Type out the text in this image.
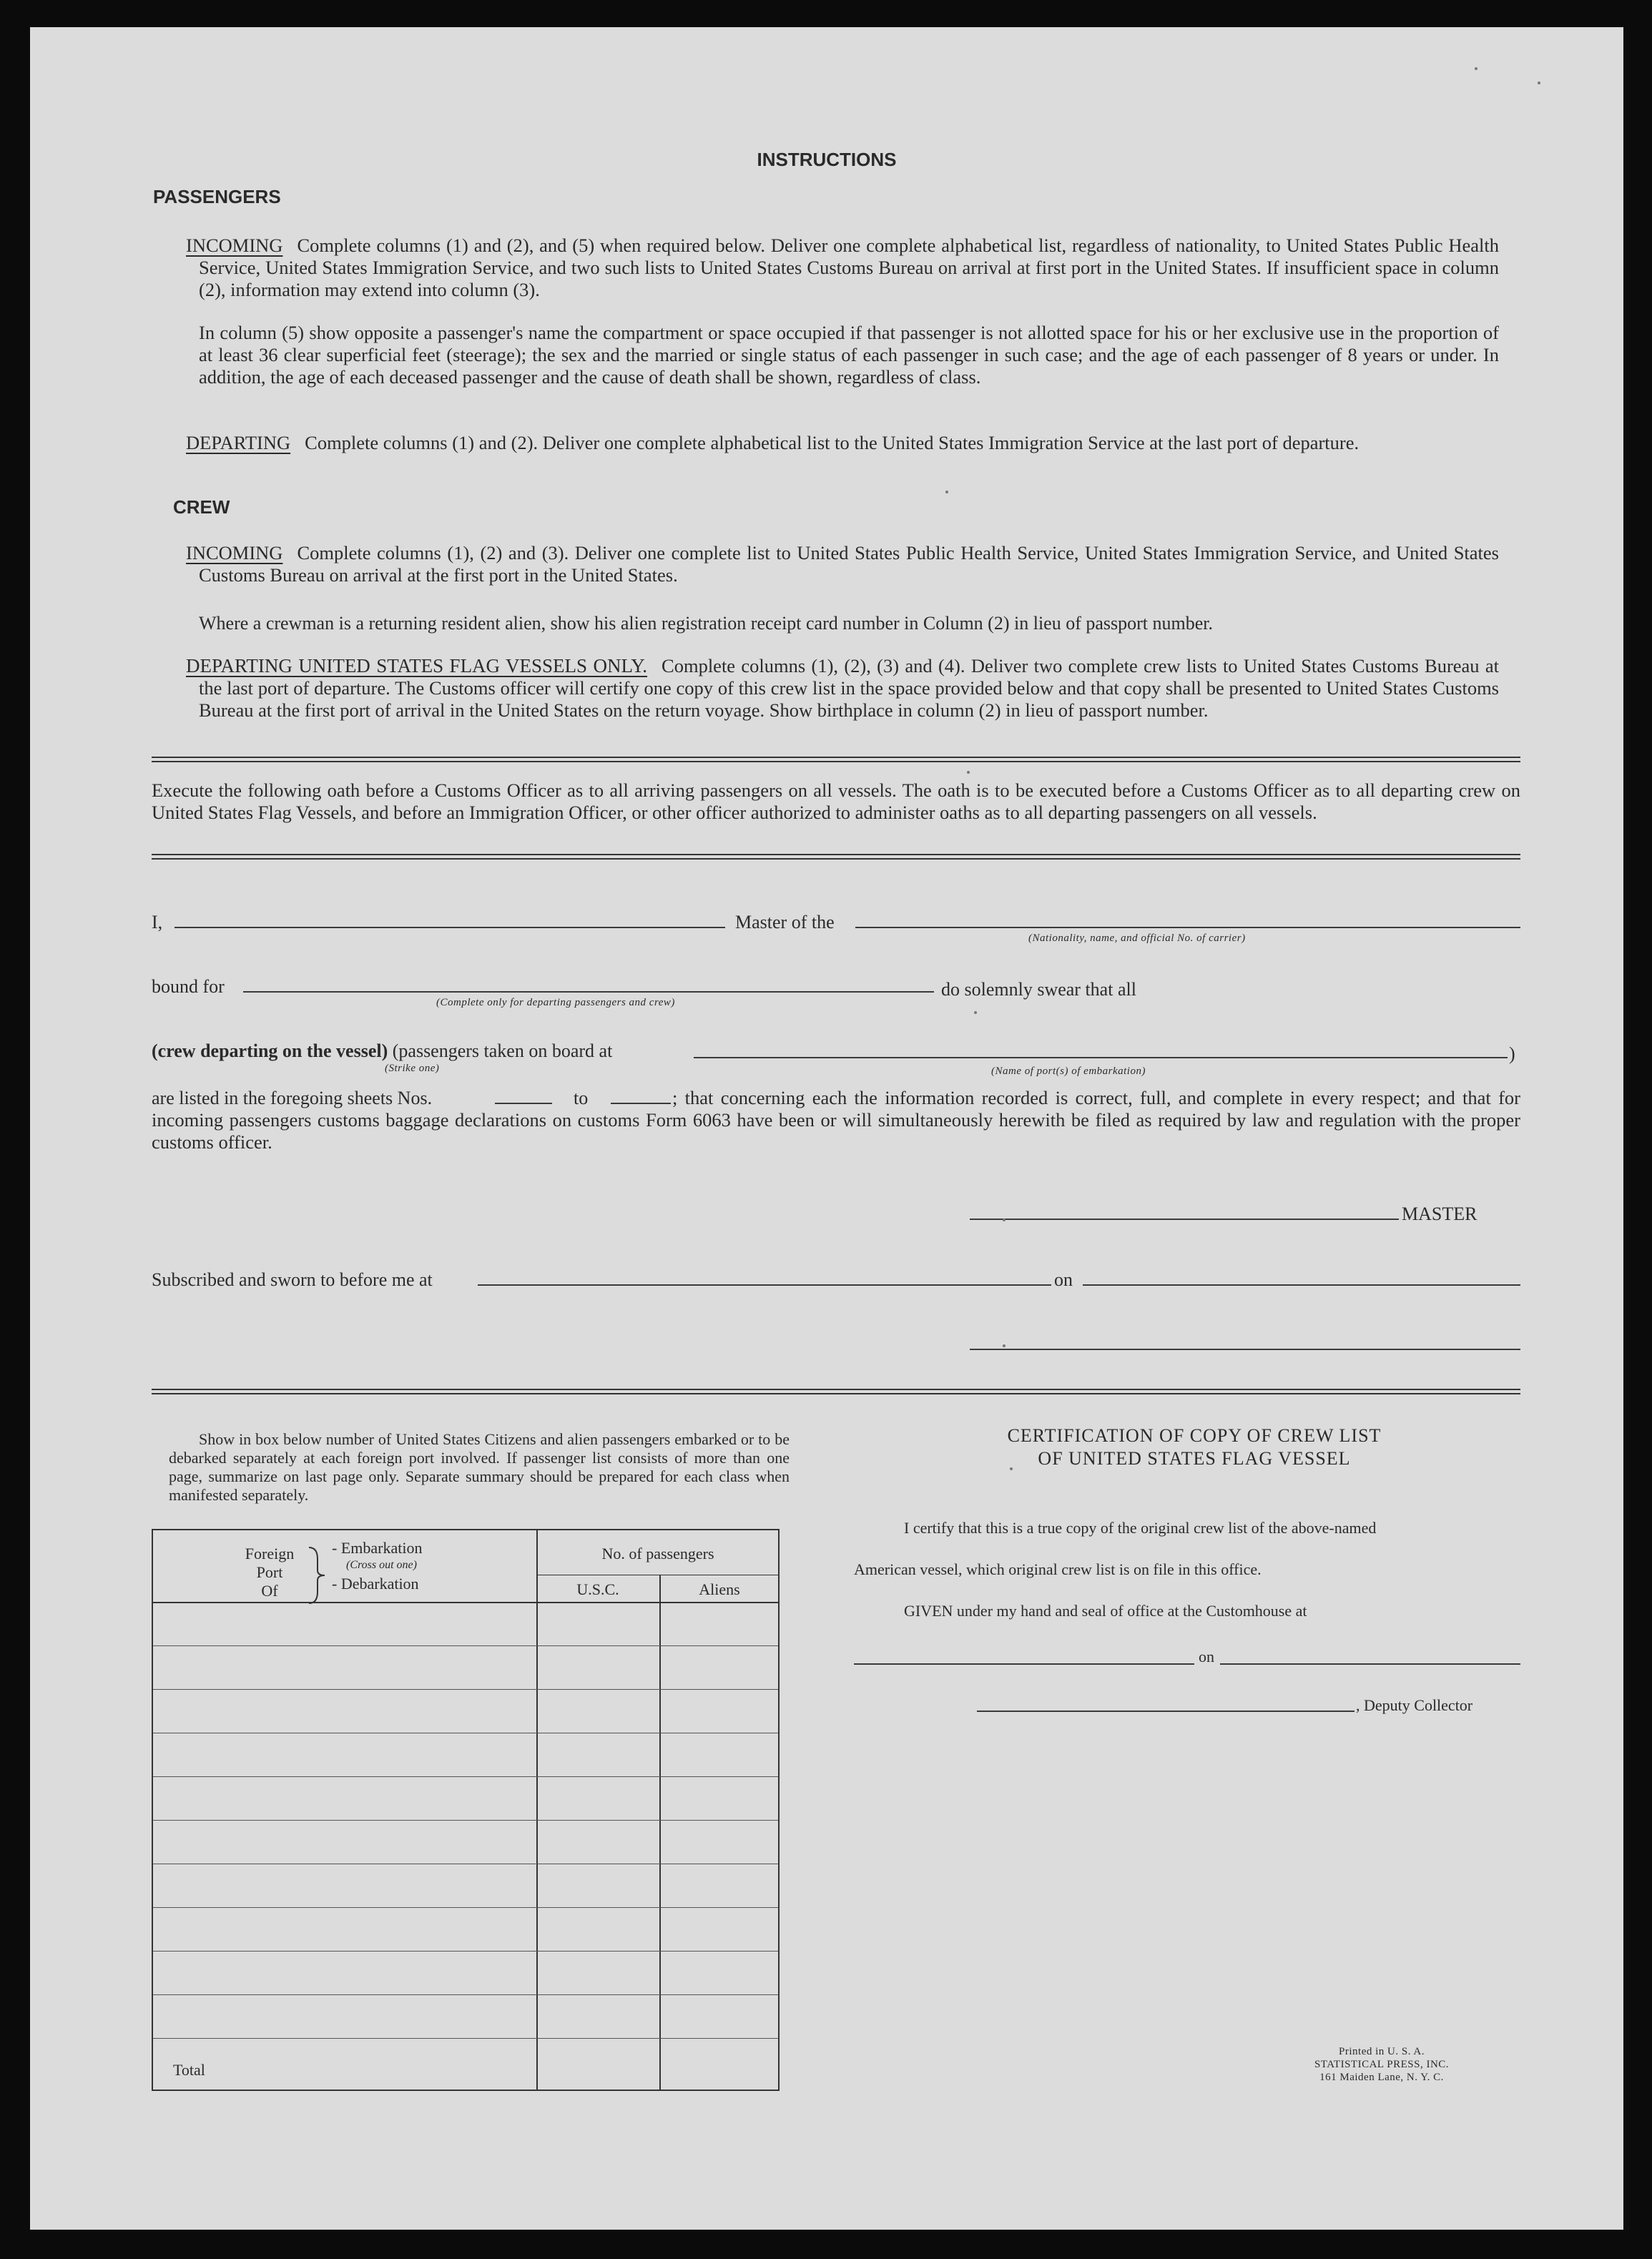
INSTRUCTIONS
PASSENGERS
INCOMING Complete columns (1) and (2), and (5) when required below. Deliver one complete alphabetical list, regardless of nationality, to United States Public Health Service, United States Immigration Service, and two such lists to United States Customs Bureau on arrival at first port in the United States. If insufficient space in column (2), information may extend into column (3).
In column (5) show opposite a passenger's name the compartment or space occupied if that passenger is not allotted space for his or her exclusive use in the proportion of at least 36 clear superficial feet (steerage); the sex and the married or single status of each passenger in such case; and the age of each passenger of 8 years or under. In addition, the age of each deceased passenger and the cause of death shall be shown, regardless of class.
DEPARTING Complete columns (1) and (2). Deliver one complete alphabetical list to the United States Immigration Service at the last port of departure.
CREW
INCOMING Complete columns (1), (2) and (3). Deliver one complete list to United States Public Health Service, United States Immigration Service, and United States Customs Bureau on arrival at the first port in the United States.
Where a crewman is a returning resident alien, show his alien registration receipt card number in Column (2) in lieu of passport number.
DEPARTING UNITED STATES FLAG VESSELS ONLY. Complete columns (1), (2), (3) and (4). Deliver two complete crew lists to United States Customs Bureau at the last port of departure. The Customs officer will certify one copy of this crew list in the space provided below and that copy shall be presented to United States Customs Bureau at the first port of arrival in the United States on the return voyage. Show birthplace in column (2) in lieu of passport number.
Execute the following oath before a Customs Officer as to all arriving passengers on all vessels. The oath is to be executed before a Customs Officer as to all departing crew on United States Flag Vessels, and before an Immigration Officer, or other officer authorized to administer oaths as to all departing passengers on all vessels.
I,	Master of the
(Nationality, name, and official No. of carrier)
bound for
(Complete only for departing passengers and crew)
do solemnly swear that all
(crew departing on the vessel) (passengers taken on board at	)
(Strike one)	(Name of port(s) of embarkation)
are listed in the foregoing sheets Nos.	to	; that concerning each the information recorded is correct, full, and complete in every respect; and that for incoming passengers customs baggage declarations on customs Form 6063 have been or will simultaneously herewith be filed as required by law and regulation with the proper customs officer.
MASTER
Subscribed and sworn to before me at	on
Show in box below number of United States Citizens and alien passengers embarked or to be debarked separately at each foreign port involved. If passenger list consists of more than one page, summarize on last page only. Separate summary should be prepared for each class when manifested separately.
Foreign
Port
Of
- Embarkation
(Cross out one)
- Debarkation
No. of passengers
U.S.C.	Aliens
Total
CERTIFICATION OF COPY OF CREW LIST
OF UNITED STATES FLAG VESSEL
I certify that this is a true copy of the original crew list of the above-named
American vessel, which original crew list is on file in this office.
GIVEN under my hand and seal of office at the Customhouse at
on
, Deputy Collector
Printed in U. S. A.
STATISTICAL PRESS, INC.
161 Maiden Lane, N. Y. C.
